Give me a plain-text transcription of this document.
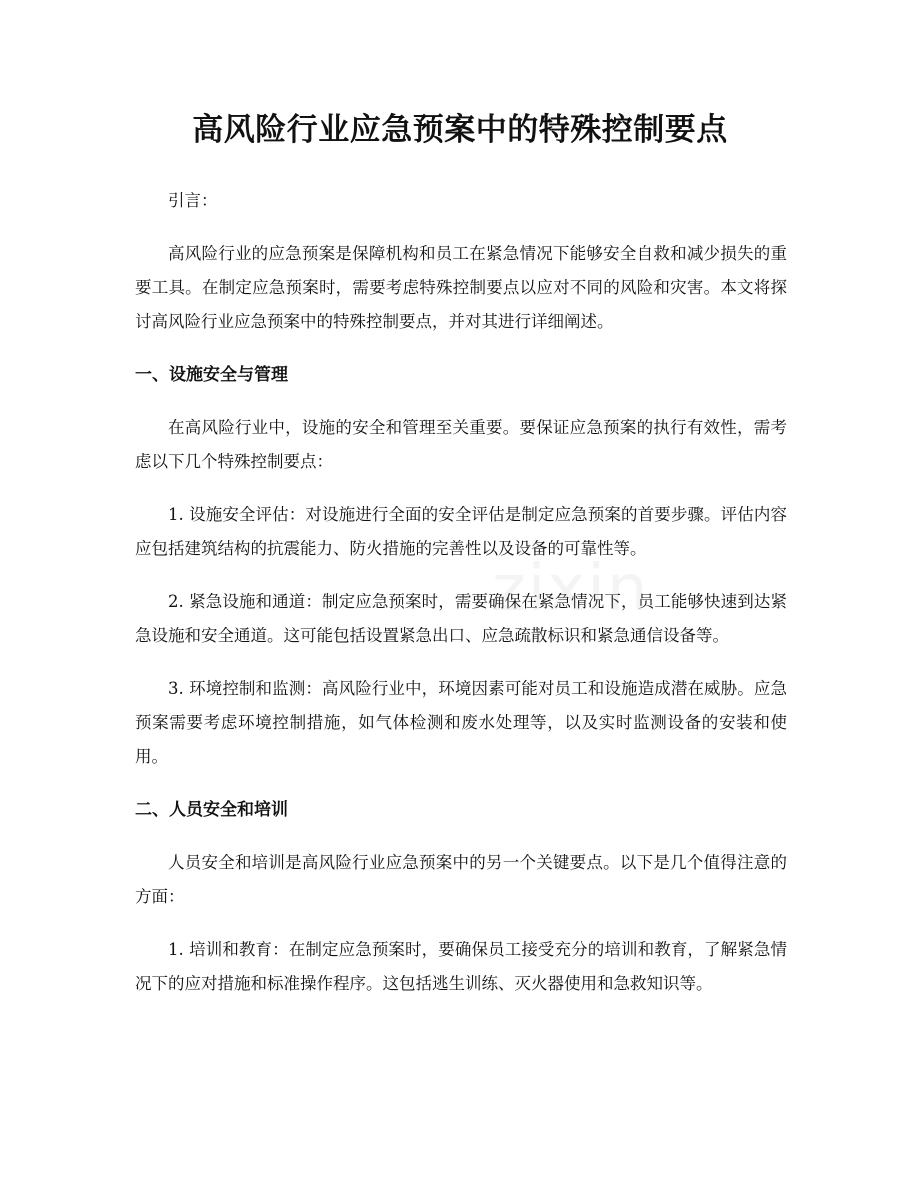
高风险行业应急预案中的特殊控制要点

引言：

高风险行业的应急预案是保障机构和员工在紧急情况下能够安全自救和减少损失的重要工具。在制定应急预案时，需要考虑特殊控制要点以应对不同的风险和灾害。本文将探讨高风险行业应急预案中的特殊控制要点，并对其进行详细阐述。

一、设施安全与管理

在高风险行业中，设施的安全和管理至关重要。要保证应急预案的执行有效性，需考虑以下几个特殊控制要点：

1. 设施安全评估：对设施进行全面的安全评估是制定应急预案的首要步骤。评估内容应包括建筑结构的抗震能力、防火措施的完善性以及设备的可靠性等。

2. 紧急设施和通道：制定应急预案时，需要确保在紧急情况下，员工能够快速到达紧急设施和安全通道。这可能包括设置紧急出口、应急疏散标识和紧急通信设备等。

3. 环境控制和监测：高风险行业中，环境因素可能对员工和设施造成潜在威胁。应急预案需要考虑环境控制措施，如气体检测和废水处理等，以及实时监测设备的安装和使用。

二、人员安全和培训

人员安全和培训是高风险行业应急预案中的另一个关键要点。以下是几个值得注意的方面：

1. 培训和教育：在制定应急预案时，要确保员工接受充分的培训和教育，了解紧急情况下的应对措施和标准操作程序。这包括逃生训练、灭火器使用和急救知识等。

zixin
